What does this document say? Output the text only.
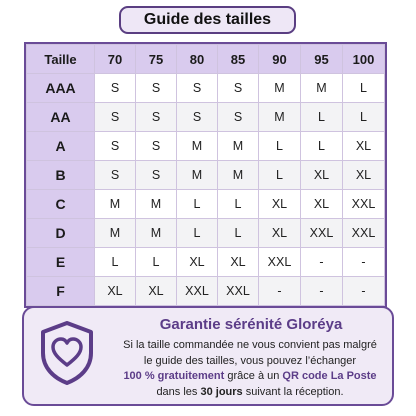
Guide des tailles
Taille	70	75	80	85	90	95	100
AAA	S	S	S	S	M	M	L
AA	S	S	S	S	M	L	L
A	S	S	M	M	L	L	XL
B	S	S	M	M	L	XL	XL
C	M	M	L	L	XL	XL	XXL
D	M	M	L	L	XL	XXL	XXL
E	L	L	XL	XL	XXL	-	-
F	XL	XL	XXL	XXL	-	-	-
Garantie sérénité Gloréya
Si la taille commandée ne vous convient pas malgré
le guide des tailles, vous pouvez l’échanger
100 % gratuitement grâce à un QR code La Poste
dans les 30 jours suivant la réception.
